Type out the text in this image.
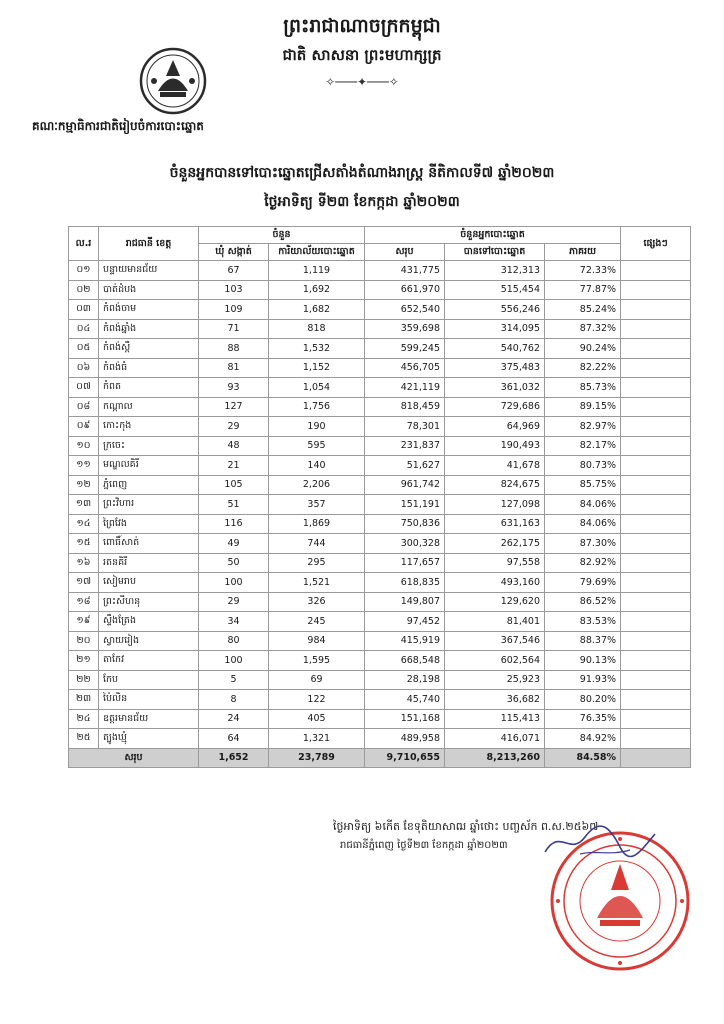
ព្រះរាជាណាចក្រកម្ពុជា
ជាតិ សាសនា ព្រះមហាក្សត្រ
✧───✦───✧
គណៈកម្មាធិការជាតិរៀបចំការបោះឆ្នោត
ចំនួនអ្នកបានទៅបោះឆ្នោតជ្រើសតាំងតំណាងរាស្ត្រ នីតិកាលទី៧ ឆ្នាំ២០២៣
ថ្ងៃអាទិត្យ ទី២៣ ខែកក្កដា ឆ្នាំ២០២៣
ល.រ	រាជធានី ខេត្ត	ចំនួន		ចំនួនអ្នកបោះឆ្នោត			ផ្សេងៗ
		ឃុំ សង្កាត់	ការិយាល័យបោះឆ្នោត	សរុប	បានទៅបោះឆ្នោត	ភាគរយ	
០១	បន្ទាយមានជ័យ	67	1,119	431,775	312,313	72.33%	
០២	បាត់ដំបង	103	1,692	661,970	515,454	77.87%	
០៣	កំពង់ចាម	109	1,682	652,540	556,246	85.24%	
០៤	កំពង់ឆ្នាំង	71	818	359,698	314,095	87.32%	
០៥	កំពង់ស្ពឺ	88	1,532	599,245	540,762	90.24%	
០៦	កំពង់ធំ	81	1,152	456,705	375,483	82.22%	
០៧	កំពត	93	1,054	421,119	361,032	85.73%	
០៨	កណ្ដាល	127	1,756	818,459	729,686	89.15%	
០៩	កោះកុង	29	190	78,301	64,969	82.97%	
១០	ក្រចេះ	48	595	231,837	190,493	82.17%	
១១	មណ្ឌលគិរី	21	140	51,627	41,678	80.73%	
១២	ភ្នំពេញ	105	2,206	961,742	824,675	85.75%	
១៣	ព្រះវិហារ	51	357	151,191	127,098	84.06%	
១៤	ព្រៃវែង	116	1,869	750,836	631,163	84.06%	
១៥	ពោធិ៍សាត់	49	744	300,328	262,175	87.30%	
១៦	រតនគិរី	50	295	117,657	97,558	82.92%	
១៧	សៀមរាប	100	1,521	618,835	493,160	79.69%	
១៨	ព្រះសីហនុ	29	326	149,807	129,620	86.52%	
១៩	ស្ទឹងត្រែង	34	245	97,452	81,401	83.53%	
២០	ស្វាយរៀង	80	984	415,919	367,546	88.37%	
២១	តាកែវ	100	1,595	668,548	602,564	90.13%	
២២	កែប	5	69	28,198	25,923	91.93%	
២៣	ប៉ៃលិន	8	122	45,740	36,682	80.20%	
២៤	ឧត្តរមានជ័យ	24	405	151,168	115,413	76.35%	
២៥	ត្បូងឃ្មុំ	64	1,321	489,958	416,071	84.92%	
សរុប		1,652	23,789	9,710,655	8,213,260	84.58%	
ថ្ងៃអាទិត្យ ៦កើត ខែទុតិយាសាឍ ឆ្នាំថោះ បញ្ចស័ក ព.ស.២៥៦៧
រាជធានីភ្នំពេញ ថ្ងៃទី២៣ ខែកក្កដា ឆ្នាំ២០២៣
